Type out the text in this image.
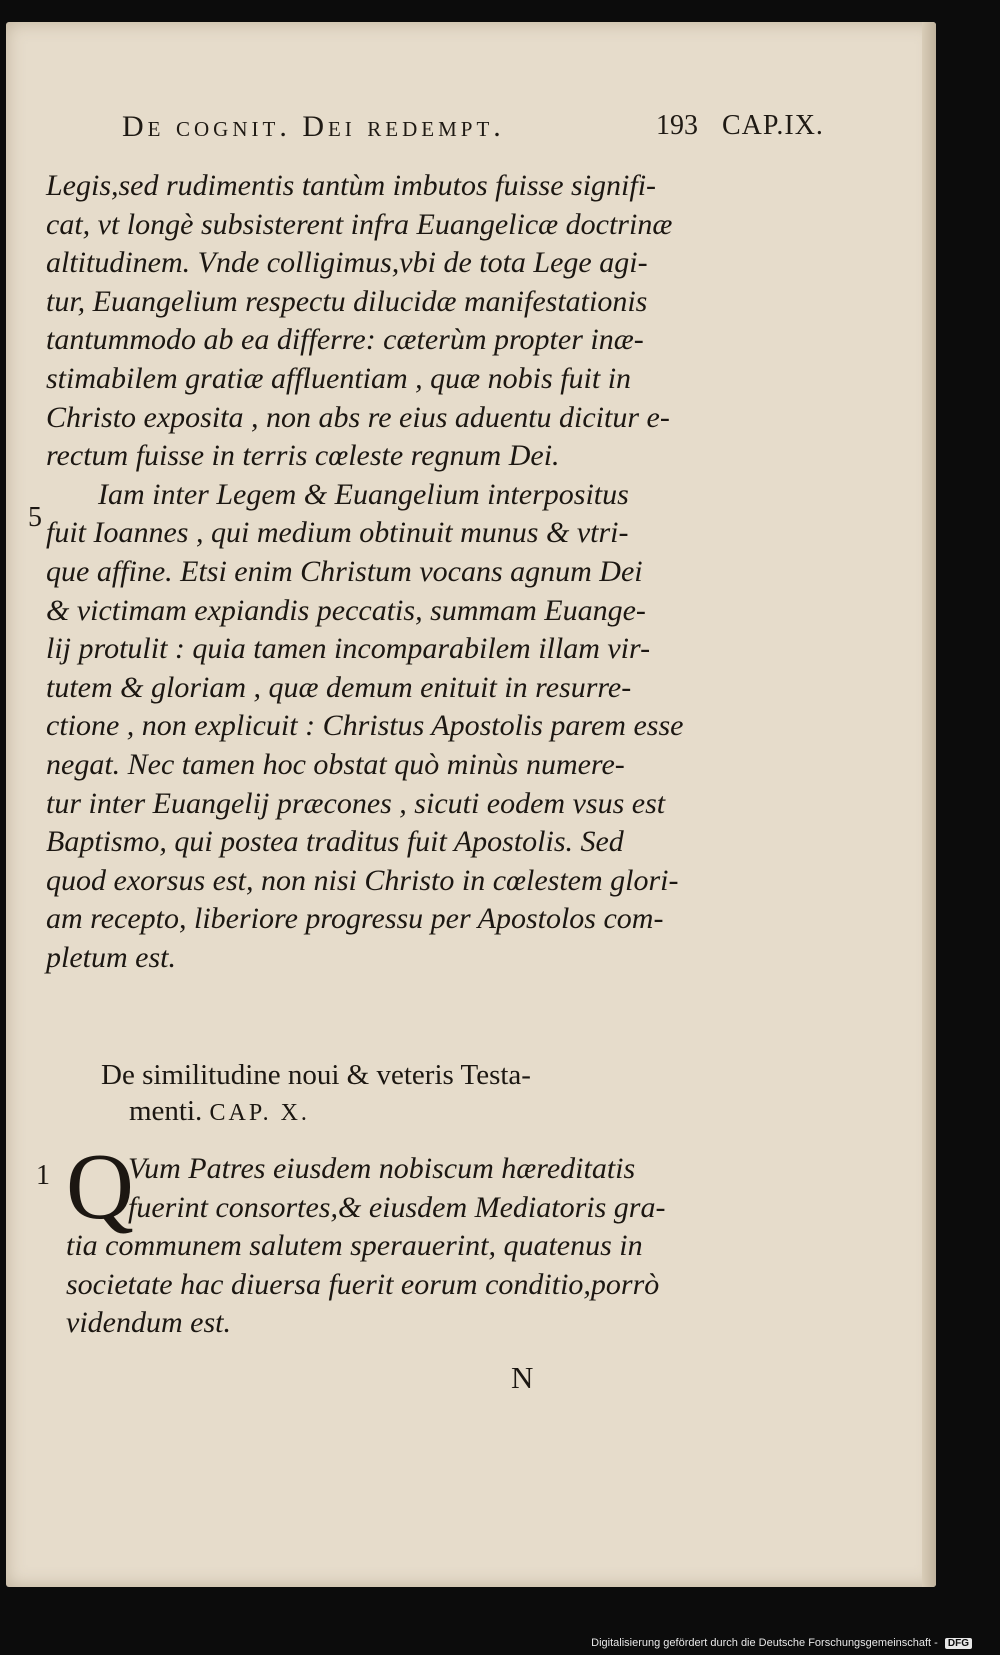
De cognit. Dei redempt.	193 CAP.IX.
Legis,sed rudimentis tantùm imbutos fuisse signifi-
cat, vt longè subsisterent infra Euangelicæ doctrinæ
altitudinem. Vnde colligimus,vbi de tota Lege agi-
tur, Euangelium respectu dilucidæ manifestationis
tantummodo ab ea differre: cæterùm propter inæ-
stimabilem gratiæ affluentiam , quæ nobis fuit in
Christo exposita , non abs re eius aduentu dicitur e-
rectum fuisse in terris cœleste regnum Dei.
Iam inter Legem & Euangelium interpositus
fuit Ioannes , qui medium obtinuit munus & vtri-
que affine. Etsi enim Christum vocans agnum Dei
& victimam expiandis peccatis, summam Euange-
lij protulit : quia tamen incomparabilem illam vir-
tutem & gloriam , quæ demum enituit in resurre-
ctione , non explicuit : Christus Apostolis parem esse
negat. Nec tamen hoc obstat quò minùs numere-
tur inter Euangelij præcones , sicuti eodem vsus est
Baptismo, qui postea traditus fuit Apostolis. Sed
quod exorsus est, non nisi Christo in cœlestem glori-
am recepto, liberiore progressu per Apostolos com-
pletum est.
5
De similitudine noui & veteris Testa-
menti. CAP. X.
1 Q
Vum Patres eiusdem nobiscum hæreditatis
fuerint consortes,& eiusdem Mediatoris gra-
tia communem salutem sperauerint, quatenus in
societate hac diuersa fuerit eorum conditio,porrò
videndum est.
N
Digitalisierung gefördert durch die Deutsche Forschungsgemeinschaft - DFG
